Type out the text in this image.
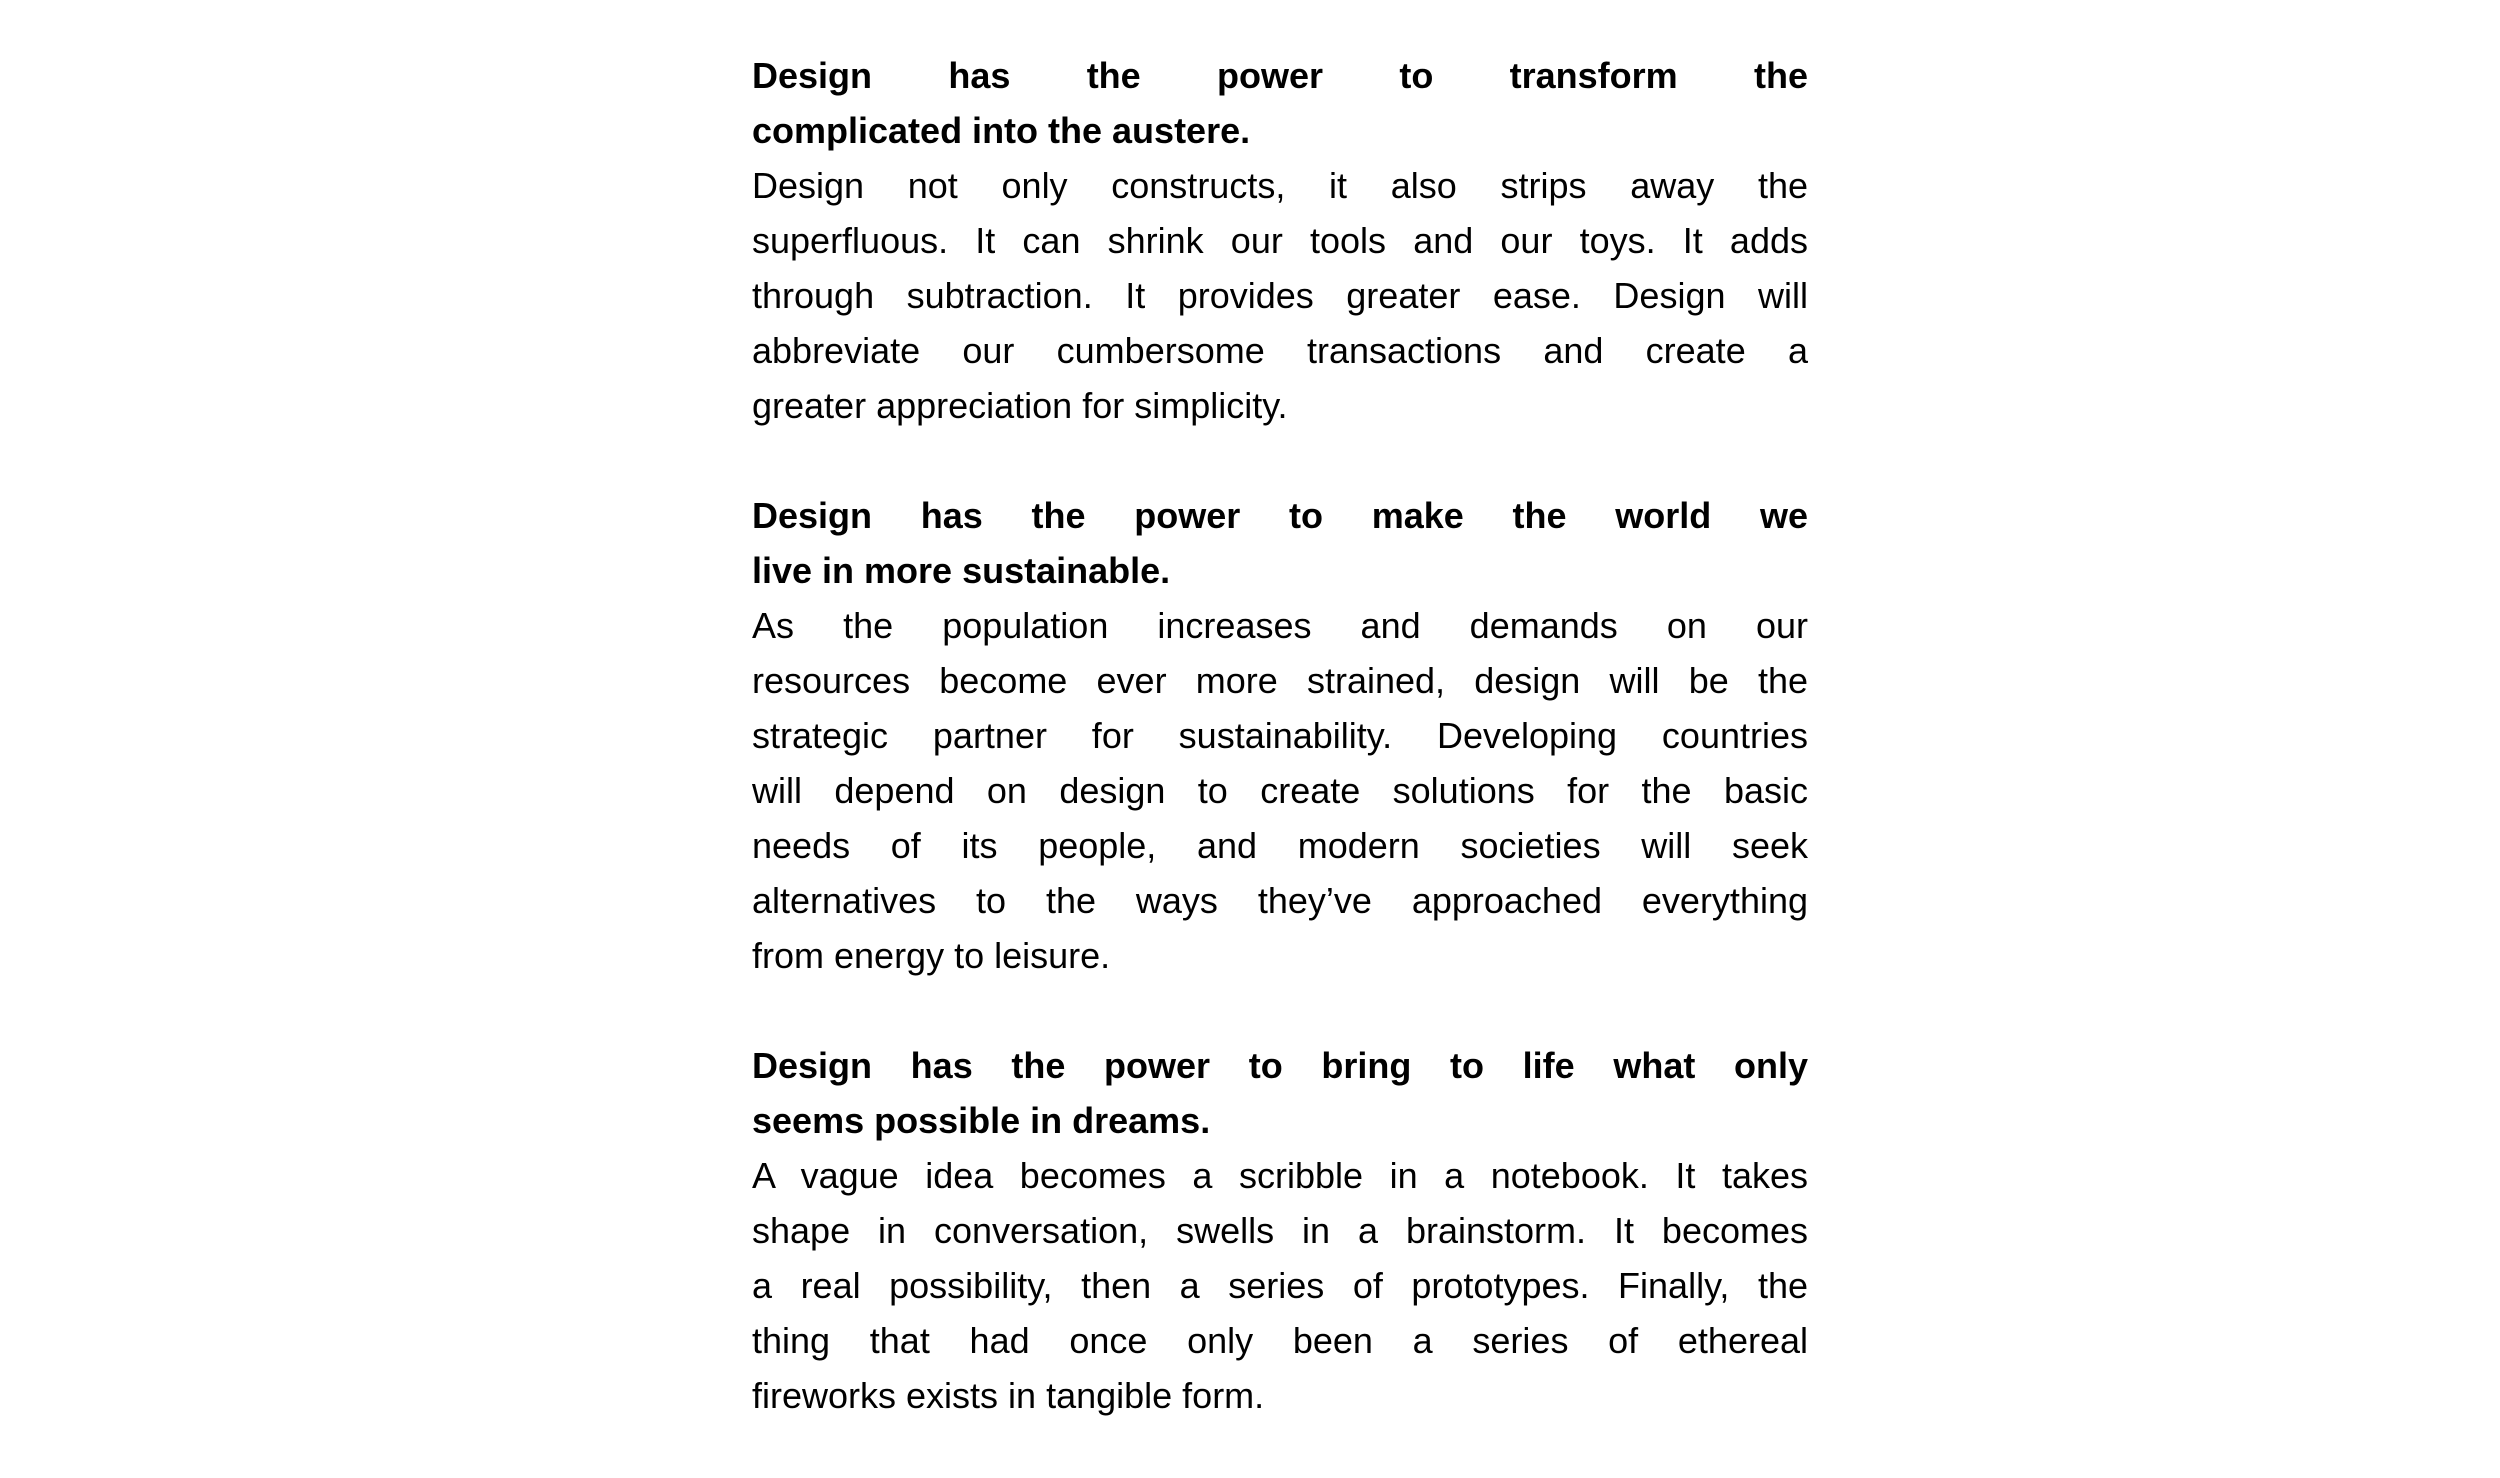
Design has the power to transform the
complicated into the austere.
Design not only constructs, it also strips away the
superfluous. It can shrink our tools and our toys. It adds
through subtraction. It provides greater ease. Design will
abbreviate our cumbersome transactions and create a
greater appreciation for simplicity.
Design has the power to make the world we
live in more sustainable.
As the population increases and demands on our
resources become ever more strained, design will be the
strategic partner for sustainability. Developing countries
will depend on design to create solutions for the basic
needs of its people, and modern societies will seek
alternatives to the ways they’ve approached everything
from energy to leisure.
Design has the power to bring to life what only
seems possible in dreams.
A vague idea becomes a scribble in a notebook. It takes
shape in conversation, swells in a brainstorm. It becomes
a real possibility, then a series of prototypes. Finally, the
thing that had once only been a series of ethereal
fireworks exists in tangible form.
